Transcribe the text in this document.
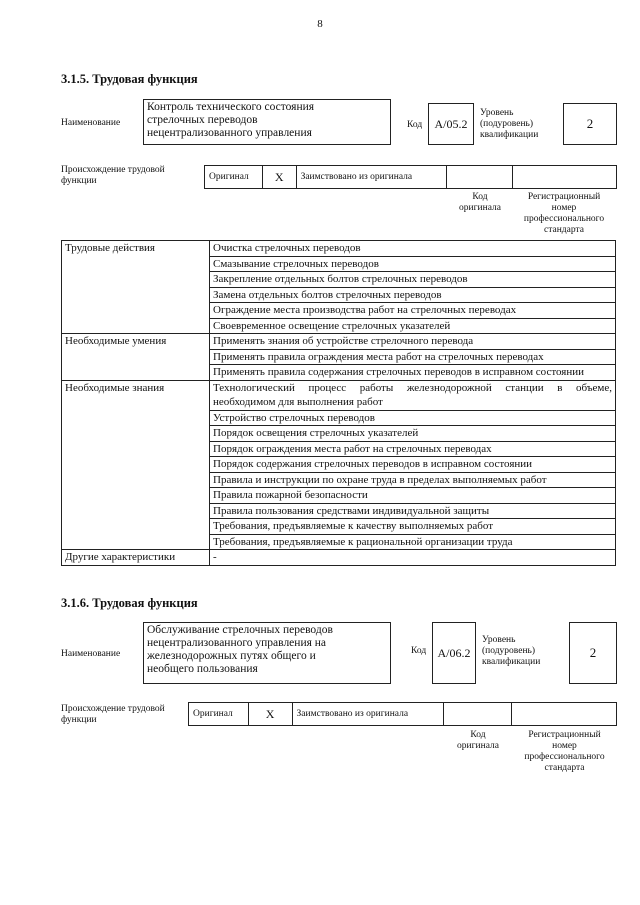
8
3.1.5. Трудовая функция
Наименование
Контроль технического состояния
стрелочных переводов
нецентрализованного управления
Код	А/05.2
Уровень
(подуровень)
квалификации
2
Происхождение трудовой
функции	Оригинал	X	Заимствовано из оригинала
Код
оригинала
Регистрационный
номер
профессионального
стандарта
Трудовые действия	Очистка стрелочных переводов
	Смазывание стрелочных переводов
	Закрепление отдельных болтов стрелочных переводов
	Замена отдельных болтов стрелочных переводов
	Ограждение места производства работ на стрелочных переводах
	Своевременное освещение стрелочных указателей
Необходимые умения	Применять знания об устройстве стрелочного перевода
	Применять правила ограждения места работ на стрелочных переводах
	Применять правила содержания стрелочных переводов в исправном состоянии
Необходимые знания	Технологический процесс работы железнодорожной станции в объеме, необходимом для выполнения работ
	Устройство стрелочных переводов
	Порядок освещения стрелочных указателей
	Порядок ограждения места работ на стрелочных переводах
	Порядок содержания стрелочных переводов в исправном состоянии
	Правила и инструкции по охране труда в пределах выполняемых работ
	Правила пожарной безопасности
	Правила пользования средствами индивидуальной защиты
	Требования, предъявляемые к качеству выполняемых работ
	Требования, предъявляемые к рациональной организации труда
Другие характеристики	-
3.1.6. Трудовая функция
Наименование
Обслуживание стрелочных переводов
нецентрализованного управления на
железнодорожных путях общего и
необщего пользования
Код А/06.2
Уровень
(подуровень)
квалификации
2
Происхождение трудовой
функции
Оригинал	X	Заимствовано из оригинала
Код
оригинала
Регистрационный
номер
профессионального
стандарта
